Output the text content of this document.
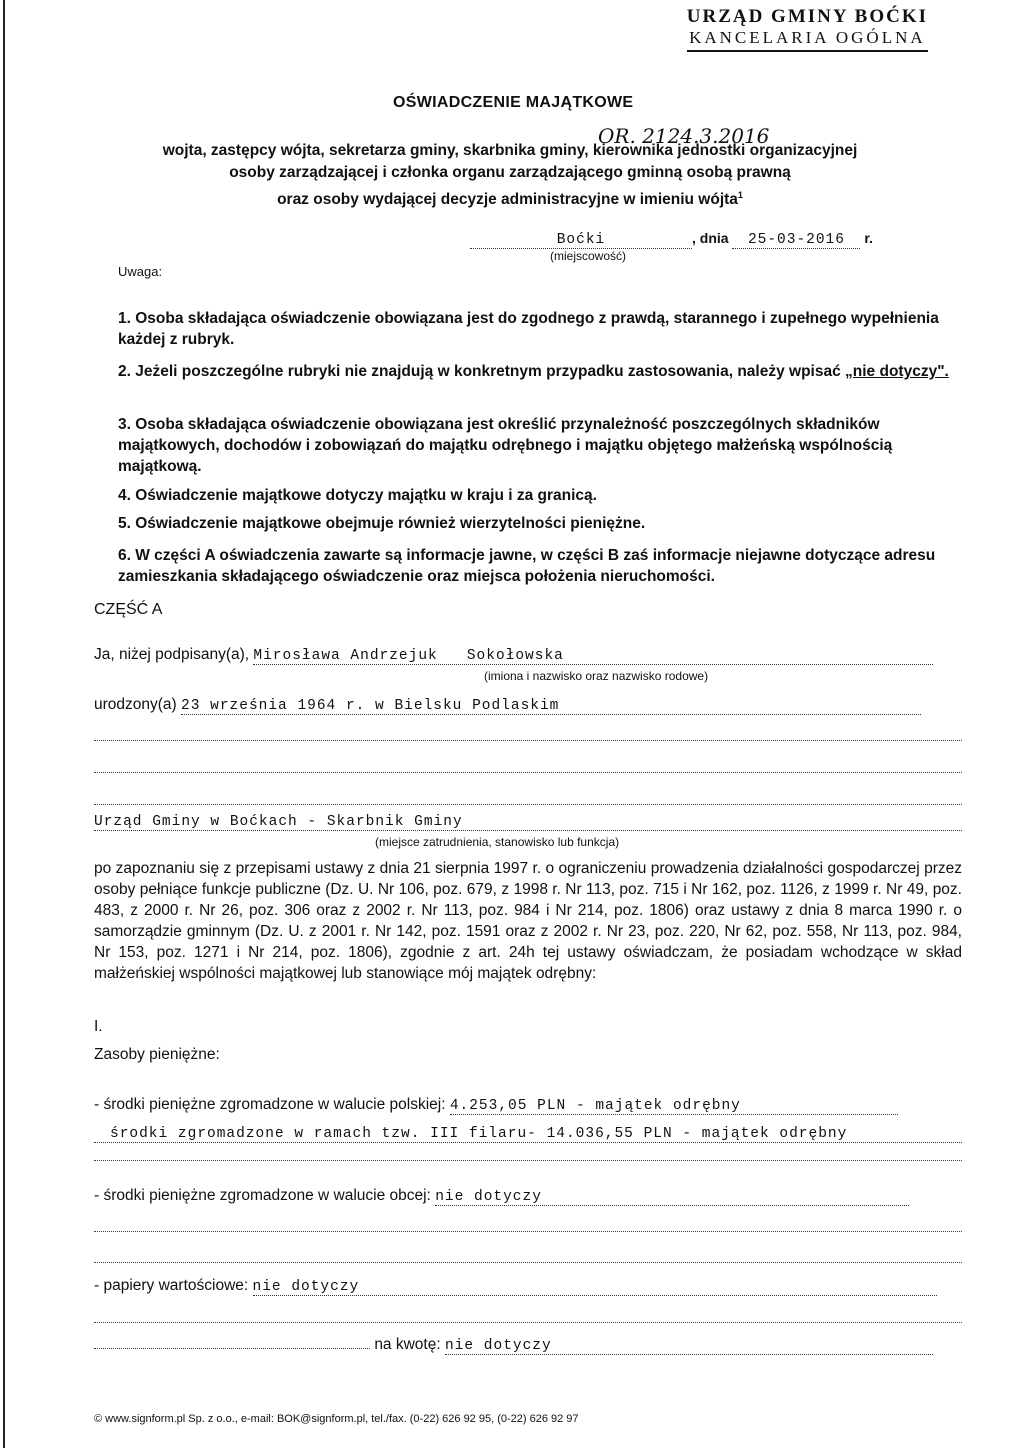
URZĄD GMINY BOĆKI
KANCELARIA OGÓLNA
OŚWIADCZENIE MAJĄTKOWE
OR. 2124.3.2016
wojta, zastępcy wójta, sekretarza gminy, skarbnika gminy, kierownika jednostki organizacyjnej
osoby zarządzającej i członka organu zarządzającego gminną osobą prawną
oraz osoby wydającej decyzje administracyjne w imieniu wójta$^1$
Boćki	, dnia 25-03-2016 r.
(miejscowość)
Uwaga:
1. Osoba składająca oświadczenie obowiązana jest do zgodnego z prawdą, starannego i zupełnego wypełnienia każdej z rubryk.
2. Jeżeli poszczególne rubryki nie znajdują w konkretnym przypadku zastosowania, należy wpisać „nie dotyczy".
3. Osoba składająca oświadczenie obowiązana jest określić przynależność poszczególnych składników majątkowych, dochodów i zobowiązań do majątku odrębnego i majątku objętego małżeńską wspólnością majątkową.
4. Oświadczenie majątkowe dotyczy majątku w kraju i za granicą.
5. Oświadczenie majątkowe obejmuje również wierzytelności pieniężne.
6. W części A oświadczenia zawarte są informacje jawne, w części B zaś informacje niejawne dotyczące adresu zamieszkania składającego oświadczenie oraz miejsca położenia nieruchomości.
CZĘŚĆ A
Ja, niżej podpisany(a), Mirosława Andrzejuk   Sokołowska
(imiona i nazwisko oraz nazwisko rodowe)
urodzony(a) 23 września 1964 r. w Bielsku Podlaskim
Urząd Gminy w Boćkach - Skarbnik Gminy
(miejsce zatrudnienia, stanowisko lub funkcja)
po zapoznaniu się z przepisami ustawy z dnia 21 sierpnia 1997 r. o ograniczeniu prowadzenia działalności gospodarczej przez osoby pełniące funkcje publiczne (Dz. U. Nr 106, poz. 679, z 1998 r. Nr 113, poz. 715 i Nr 162, poz. 1126, z 1999 r. Nr 49, poz. 483, z 2000 r. Nr 26, poz. 306 oraz z 2002 r. Nr 113, poz. 984 i Nr 214, poz. 1806) oraz ustawy z dnia 8 marca 1990 r. o samorządzie gminnym (Dz. U. z 2001 r. Nr 142, poz. 1591 oraz z 2002 r. Nr 23, poz. 220, Nr 62, poz. 558, Nr 113, poz. 984, Nr 153, poz. 1271 i Nr 214, poz. 1806), zgodnie z art. 24h tej ustawy oświadczam, że posiadam wchodzące w skład małżeńskiej wspólności majątkowej lub stanowiące mój majątek odrębny:
I.
Zasoby pieniężne:
- środki pieniężne zgromadzone w walucie polskiej: 4.253,05 PLN - majątek odrębny
środki zgromadzone w ramach tzw. III filaru- 14.036,55 PLN - majątek odrębny
- środki pieniężne zgromadzone w walucie obcej: nie dotyczy
- papiery wartościowe: nie dotyczy
na kwotę: nie dotyczy
© www.signform.pl Sp. z o.o., e-mail: BOK@signform.pl, tel./fax. (0-22) 626 92 95, (0-22) 626 92 97
